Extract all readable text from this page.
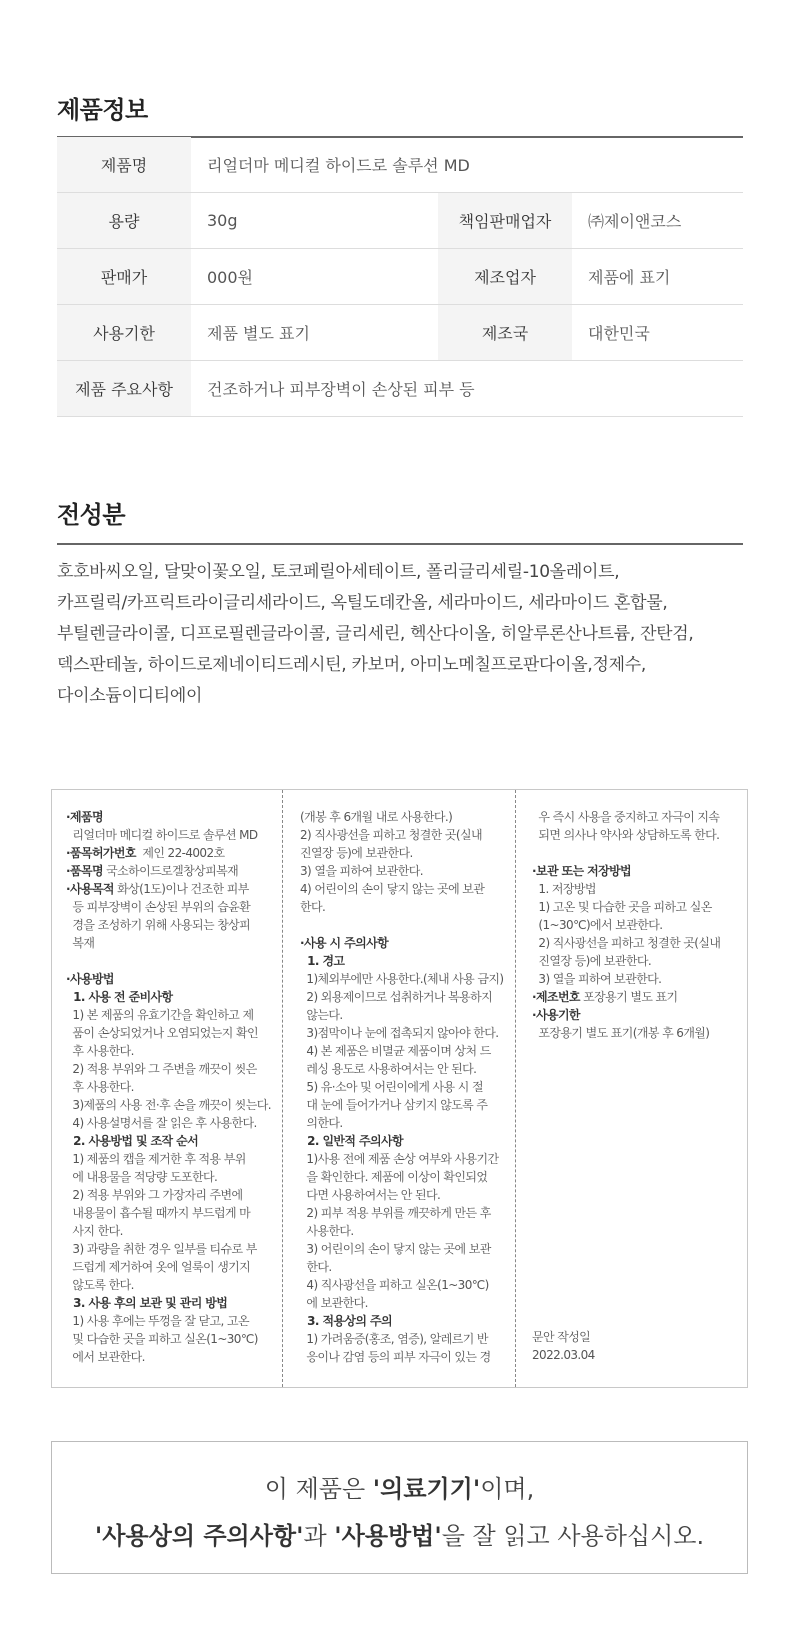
제품정보
제품명	리얼더마 메디컬 하이드로 솔루션 MD
용량	30g	책임판매업자	㈜제이앤코스
판매가	000원	제조업자	제품에 표기
사용기한	제품 별도 표기	제조국	대한민국
제품 주요사항	건조하거나 피부장벽이 손상된 피부 등
전성분
호호바씨오일, 달맞이꽃오일, 토코페릴아세테이트, 폴리글리세릴-10올레이트,
카프릴릭/카프릭트라이글리세라이드, 옥틸도데칸올, 세라마이드, 세라마이드 혼합물,
부틸렌글라이콜, 디프로필렌글라이콜, 글리세린, 헥산다이올, 히알루론산나트륨, 잔탄검,
덱스판테놀, 하이드로제네이티드레시틴, 카보머, 아미노메칠프로판다이올,정제수,
다이소듐이디티에이
·제품명
리얼더마 메디컬 하이드로 솔루션 MD
·품목허가번호  제인 22-4002호
·품목명 국소하이드로겔창상피복재
·사용목적 화상(1도)이나 건조한 피부
등 피부장벽이 손상된 부위의 습윤환
경을 조성하기 위해 사용되는 창상피
복재
·사용방법
1. 사용 전 준비사항
1) 본 제품의 유효기간을 확인하고 제
품이 손상되었거나 오염되었는지 확인
후 사용한다.
2) 적용 부위와 그 주변을 깨끗이 씻은
후 사용한다.
3)제품의 사용 전·후 손을 깨끗이 씻는다.
4) 사용설명서를 잘 읽은 후 사용한다.
2. 사용방법 및 조작 순서
1) 제품의 캡을 제거한 후 적용 부위
에 내용물을 적당량 도포한다.
2) 적용 부위와 그 가장자리 주변에
내용물이 흡수될 때까지 부드럽게 마
사지 한다.
3) 과량을 취한 경우 일부를 티슈로 부
드럽게 제거하여 옷에 얼룩이 생기지
않도록 한다.
3. 사용 후의 보관 및 관리 방법
1) 사용 후에는 뚜껑을 잘 닫고, 고온
및 다습한 곳을 피하고 실온(1~30℃)
에서 보관한다.
(개봉 후 6개월 내로 사용한다.)
2) 직사광선을 피하고 청결한 곳(실내
진열장 등)에 보관한다.
3) 열을 피하여 보관한다.
4) 어린이의 손이 닿지 않는 곳에 보관
한다.
·사용 시 주의사항
1. 경고
1)체외부에만 사용한다.(체내 사용 금지)
2) 외용제이므로 섭취하거나 복용하지
않는다.
3)점막이나 눈에 접촉되지 않아야 한다.
4) 본 제품은 비멸균 제품이며 상처 드
레싱 용도로 사용하여서는 안 된다.
5) 유·소아 및 어린이에게 사용 시 절
대 눈에 들어가거나 삼키지 않도록 주
의한다.
2. 일반적 주의사항
1)사용 전에 제품 손상 여부와 사용기간
을 확인한다. 제품에 이상이 확인되었
다면 사용하여서는 안 된다.
2) 피부 적용 부위를 깨끗하게 만든 후
사용한다.
3) 어린이의 손이 닿지 않는 곳에 보관
한다.
4) 직사광선을 피하고 실온(1~30℃)
에 보관한다.
3. 적용상의 주의
1) 가려움증(홍조, 염증), 알레르기 반
응이나 감염 등의 피부 자극이 있는 경
우 즉시 사용을 중지하고 자극이 지속
되면 의사나 약사와 상담하도록 한다.
·보관 또는 저장방법
1. 저장방법
1) 고온 및 다습한 곳을 피하고 실온
(1~30℃)에서 보관한다.
2) 직사광선을 피하고 청결한 곳(실내
진열장 등)에 보관한다.
3) 열을 피하여 보관한다.
·제조번호 포장용기 별도 표기
·사용기한
포장용기 별도 표기(개봉 후 6개월)
문안 작성일
2022.03.04
이 제품은 '의료기기'이며,
'사용상의 주의사항'과 '사용방법'을 잘 읽고 사용하십시오.
